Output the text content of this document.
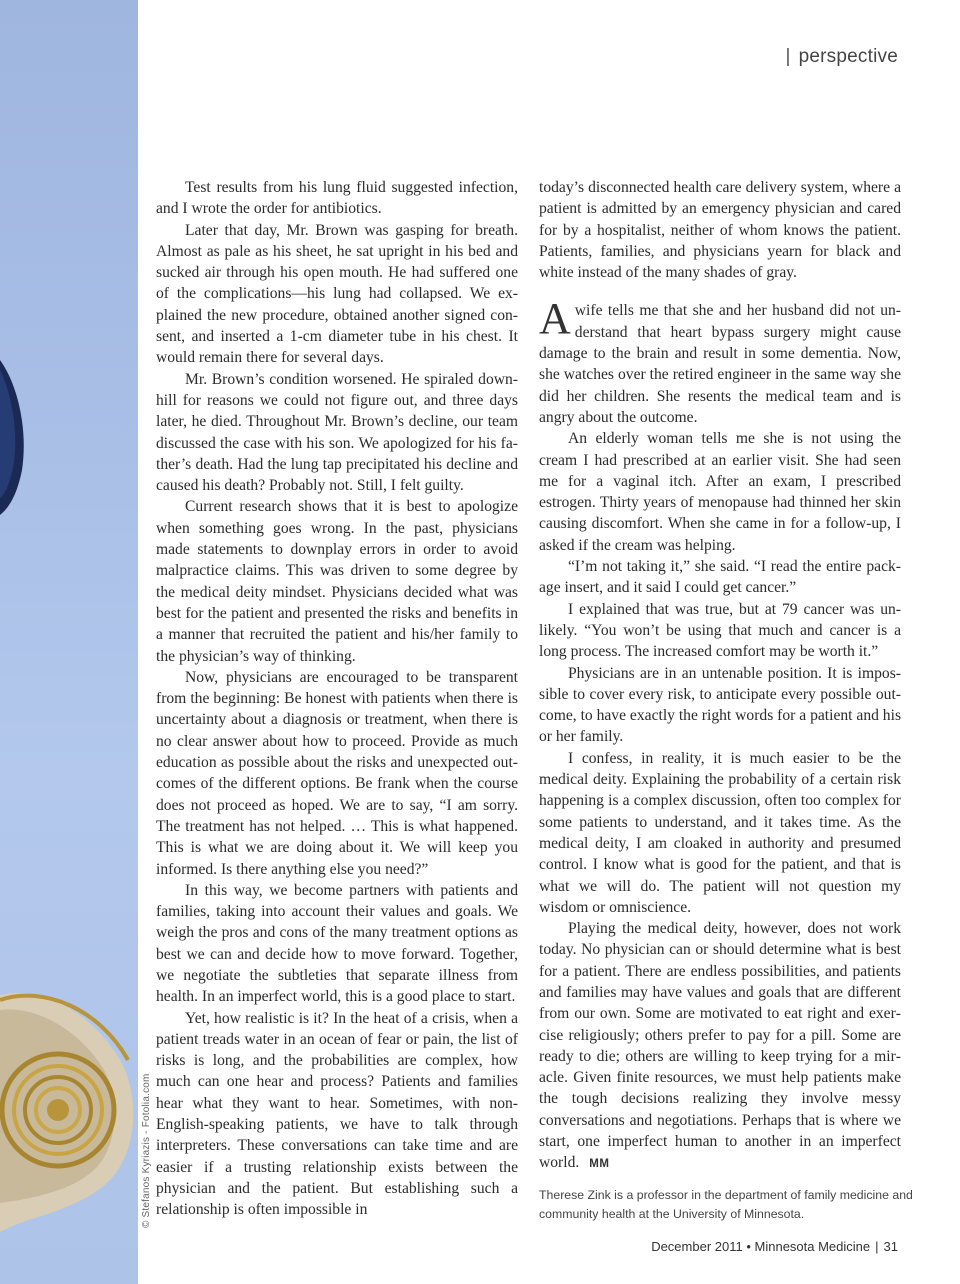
© Stefanos Kyriazis - Fotolia.com
| perspective

Test results from his lung fluid suggested infection, and I wrote the order for antibiotics.

Later that day, Mr. Brown was gasping for breath. Almost as pale as his sheet, he sat upright in his bed and sucked air through his open mouth. He had suffered one of the complications—his lung had collapsed. We explained the new procedure, obtained another signed consent, and inserted a 1-cm diameter tube in his chest. It would remain there for several days.

Mr. Brown’s condition worsened. He spiraled downhill for reasons we could not figure out, and three days later, he died. Throughout Mr. Brown’s decline, our team discussed the case with his son. We apologized for his father’s death. Had the lung tap precipitated his decline and caused his death? Probably not. Still, I felt guilty.

Current research shows that it is best to apologize when something goes wrong. In the past, physicians made statements to downplay errors in order to avoid malpractice claims. This was driven to some degree by the medical deity mindset. Physicians decided what was best for the patient and presented the risks and benefits in a manner that recruited the patient and his/her family to the physician’s way of thinking.

Now, physicians are encouraged to be transparent from the beginning: Be honest with patients when there is uncertainty about a diagnosis or treatment, when there is no clear answer about how to proceed. Provide as much education as possible about the risks and unexpected outcomes of the different options. Be frank when the course does not proceed as hoped. We are to say, “I am sorry. The treatment has not helped. … This is what happened. This is what we are doing about it. We will keep you informed. Is there anything else you need?”

In this way, we become partners with patients and families, taking into account their values and goals. We weigh the pros and cons of the many treatment options as best we can and decide how to move forward. Together, we negotiate the subtleties that separate illness from health. In an imperfect world, this is a good place to start.

Yet, how realistic is it? In the heat of a crisis, when a patient treads water in an ocean of fear or pain, the list of risks is long, and the probabilities are complex, how much can one hear and process? Patients and families hear what they want to hear. Sometimes, with non-English-speaking patients, we have to talk through interpreters. These conversations can take time and are easier if a trusting relationship exists between the physician and the patient. But establishing such a relationship is often impossible in

today’s disconnected health care delivery system, where a patient is admitted by an emergency physician and cared for by a hospitalist, neither of whom knows the patient. Patients, families, and physicians yearn for black and white instead of the many shades of gray.

Awife tells me that she and her husband did not understand that heart bypass surgery might cause damage to the brain and result in some dementia. Now, she watches over the retired engineer in the same way she did her children. She resents the medical team and is angry about the outcome.

An elderly woman tells me she is not using the cream I had prescribed at an earlier visit. She had seen me for a vaginal itch. After an exam, I prescribed estrogen. Thirty years of menopause had thinned her skin causing discomfort. When she came in for a follow-up, I asked if the cream was helping.

“I’m not taking it,” she said. “I read the entire package insert, and it said I could get cancer.”

I explained that was true, but at 79 cancer was unlikely. “You won’t be using that much and cancer is a long process. The increased comfort may be worth it.”

Physicians are in an untenable position. It is impossible to cover every risk, to anticipate every possible outcome, to have exactly the right words for a patient and his or her family.

I confess, in reality, it is much easier to be the medical deity. Explaining the probability of a certain risk happening is a complex discussion, often too complex for some patients to understand, and it takes time. As the medical deity, I am cloaked in authority and presumed control. I know what is good for the patient, and that is what we will do. The patient will not question my wisdom or omniscience.

Playing the medical deity, however, does not work today. No physician can or should determine what is best for a patient. There are endless possibilities, and patients and families may have values and goals that are different from our own. Some are motivated to eat right and exercise religiously; others prefer to pay for a pill. Some are ready to die; others are willing to keep trying for a miracle. Given finite resources, we must help patients make the tough decisions realizing they involve messy conversations and negotiations. Perhaps that is where we start, one imperfect human to another in an imperfect world. MM

Therese Zink is a professor in the department of family medicine and community health at the University of Minnesota.
December 2011 • Minnesota Medicine | 31
